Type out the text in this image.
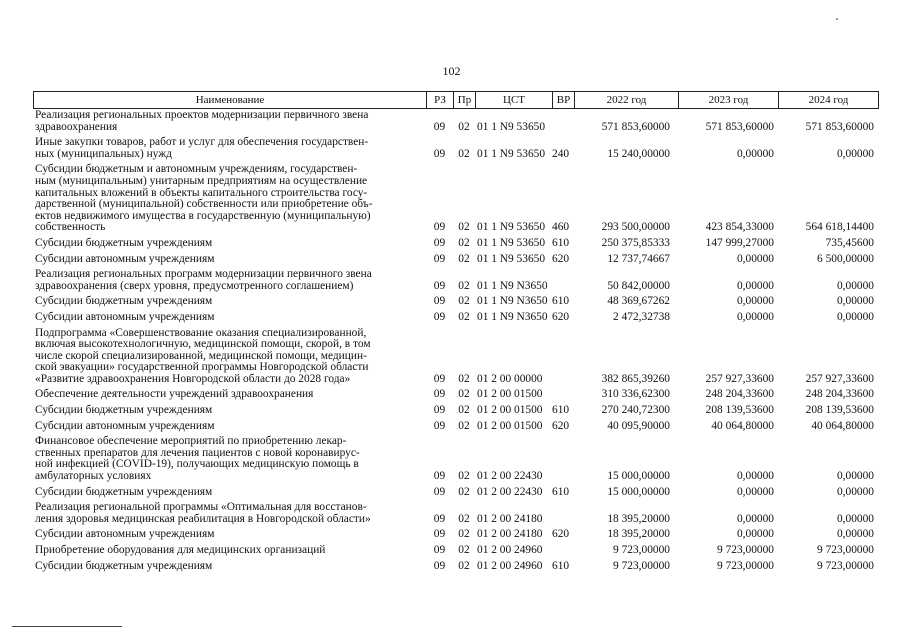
102
Наименование	РЗ	Пр	ЦСТ	ВР	2022 год	2023 год	2024 год
Реализация региональных проектов модернизации первичного звена
здравоохранения	09	02 01 1 N9 53650	571 853,60000	571 853,60000	571 853,60000
Иные закупки товаров, работ и услуг для обеспечения государствен-
ных (муниципальных) нужд	09	02 01 1 N9 53650 240	15 240,00000	0,00000	0,00000
Субсидии бюджетным и автономным учреждениям, государствен-
ным (муниципальным) унитарным предприятиям на осуществление
капитальных вложений в объекты капитального строительства госу-
дарственной (муниципальной) собственности или приобретение объ-
ектов недвижимого имущества в государственную (муниципальную)
собственность	09	02 01 1 N9 53650 460	293 500,00000	423 854,33000	564 618,14400
Субсидии бюджетным учреждениям	09	02 01 1 N9 53650 610	250 375,85333	147 999,27000	735,45600
Субсидии автономным учреждениям	09	02 01 1 N9 53650 620	12 737,74667	0,00000	6 500,00000
Реализация региональных программ модернизации первичного звена
здравоохранения (сверх уровня, предусмотренного соглашением)	09	02 01 1 N9 N3650	50 842,00000	0,00000	0,00000
Субсидии бюджетным учреждениям	09	02 01 1 N9 N3650 610	48 369,67262	0,00000	0,00000
Субсидии автономным учреждениям	09	02 01 1 N9 N3650 620	2 472,32738	0,00000	0,00000
Подпрограмма «Совершенствование оказания специализированной,
включая высокотехнологичную, медицинской помощи, скорой, в том
числе скорой специализированной, медицинской помощи, медицин-
ской эвакуации» государственной программы Новгородской области
«Развитие здравоохранения Новгородской области до 2028 года»	09	02 01 2 00 00000	382 865,39260	257 927,33600	257 927,33600
Обеспечение деятельности учреждений здравоохранения	09	02 01 2 00 01500	310 336,62300	248 204,33600	248 204,33600
Субсидии бюджетным учреждениям	09	02 01 2 00 01500 610	270 240,72300	208 139,53600	208 139,53600
Субсидии автономным учреждениям	09	02 01 2 00 01500 620	40 095,90000	40 064,80000	40 064,80000
Финансовое обеспечение мероприятий по приобретению лекар-
ственных препаратов для лечения пациентов с новой коронавирус-
ной инфекцией (COVID-19), получающих медицинскую помощь в
амбулаторных условиях	09	02 01 2 00 22430	15 000,00000	0,00000	0,00000
Субсидии бюджетным учреждениям	09	02 01 2 00 22430 610	15 000,00000	0,00000	0,00000
Реализация региональной программы «Оптимальная для восстанов-
ления здоровья медицинская реабилитация в Новгородской области»	09	02 01 2 00 24180	18 395,20000	0,00000	0,00000
Субсидии автономным учреждениям	09	02 01 2 00 24180 620	18 395,20000	0,00000	0,00000
Приобретение оборудования для медицинских организаций	09	02 01 2 00 24960	9 723,00000	9 723,00000	9 723,00000
Субсидии бюджетным учреждениям	09	02 01 2 00 24960 610	9 723,00000	9 723,00000	9 723,00000
